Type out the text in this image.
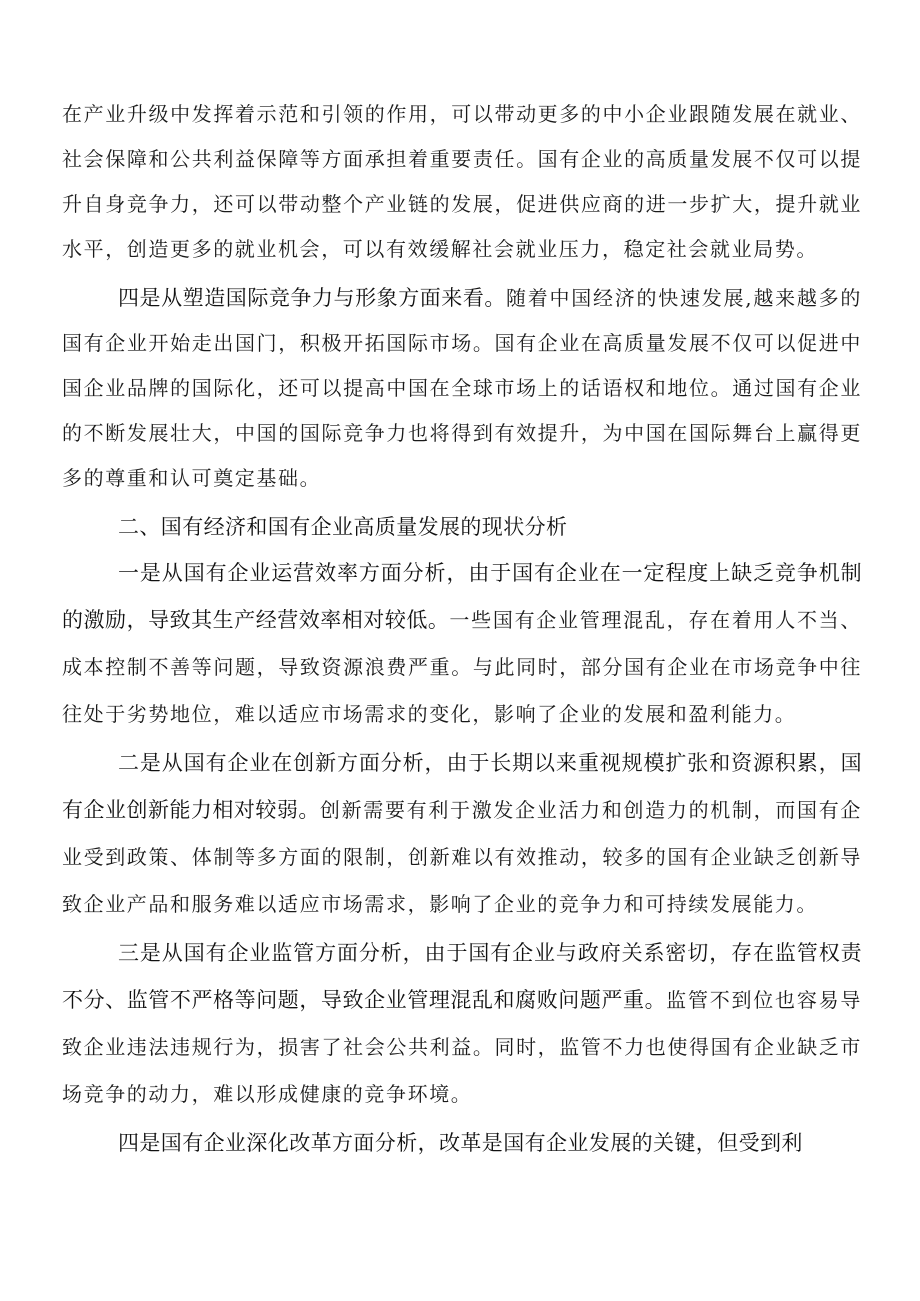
在产业升级中发挥着示范和引领的作用，可以带动更多的中小企业跟随发展在就业、社会保障和公共利益保障等方面承担着重要责任。国有企业的高质量发展不仅可以提升自身竞争力，还可以带动整个产业链的发展，促进供应商的进一步扩大，提升就业水平，创造更多的就业机会，可以有效缓解社会就业压力，稳定社会就业局势。

四是从塑造国际竞争力与形象方面来看。随着中国经济的快速发展,越来越多的国有企业开始走出国门，积极开拓国际市场。国有企业在高质量发展不仅可以促进中国企业品牌的国际化，还可以提高中国在全球市场上的话语权和地位。通过国有企业的不断发展壮大，中国的国际竞争力也将得到有效提升，为中国在国际舞台上赢得更多的尊重和认可奠定基础。

二、国有经济和国有企业高质量发展的现状分析

一是从国有企业运营效率方面分析，由于国有企业在一定程度上缺乏竞争机制的激励，导致其生产经营效率相对较低。一些国有企业管理混乱，存在着用人不当、成本控制不善等问题，导致资源浪费严重。与此同时，部分国有企业在市场竞争中往往处于劣势地位，难以适应市场需求的变化，影响了企业的发展和盈利能力。

二是从国有企业在创新方面分析，由于长期以来重视规模扩张和资源积累，国有企业创新能力相对较弱。创新需要有利于激发企业活力和创造力的机制，而国有企业受到政策、体制等多方面的限制，创新难以有效推动，较多的国有企业缺乏创新导致企业产品和服务难以适应市场需求，影响了企业的竞争力和可持续发展能力。

三是从国有企业监管方面分析，由于国有企业与政府关系密切，存在监管权责不分、监管不严格等问题，导致企业管理混乱和腐败问题严重。监管不到位也容易导致企业违法违规行为，损害了社会公共利益。同时，监管不力也使得国有企业缺乏市场竞争的动力，难以形成健康的竞争环境。

四是国有企业深化改革方面分析，改革是国有企业发展的关键，但受到利
